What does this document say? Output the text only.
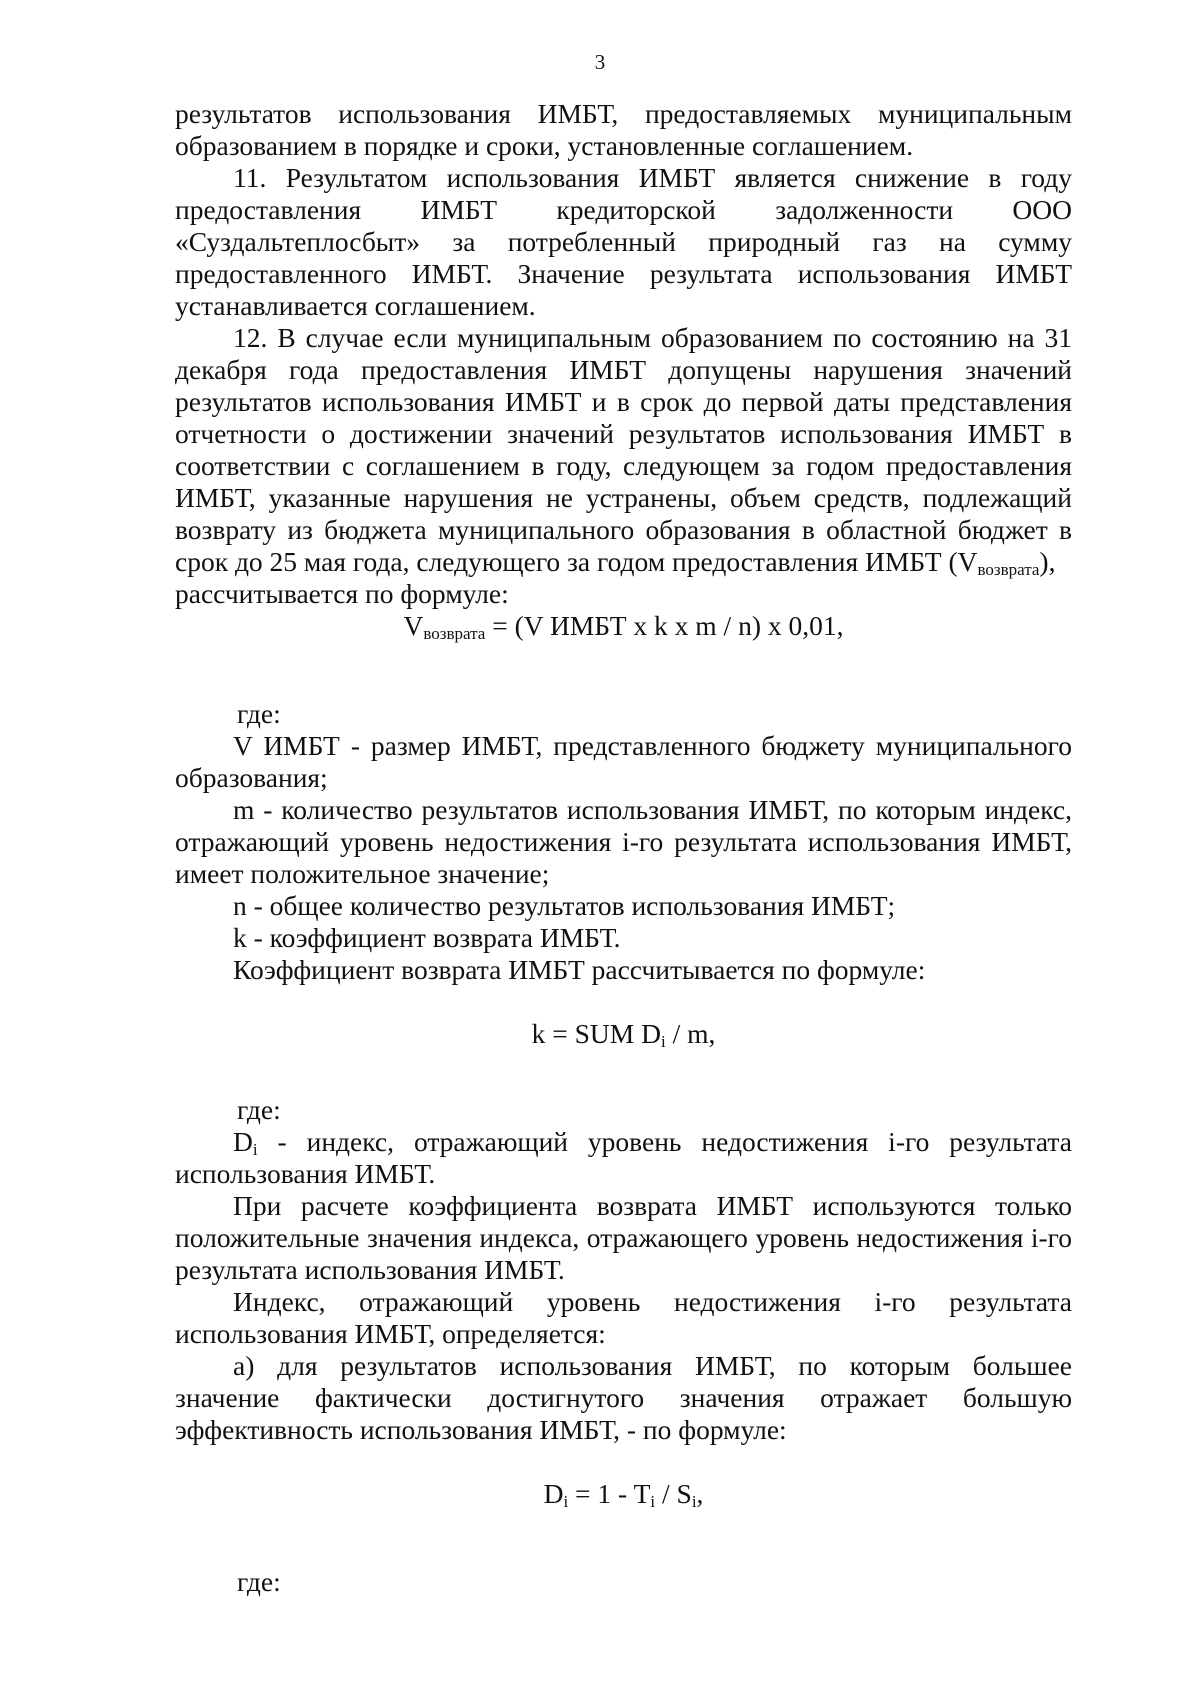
3

результатов использования ИМБТ, предоставляемых муниципальным образованием в порядке и сроки, установленные соглашением.

11. Результатом использования ИМБТ является снижение в году предоставления ИМБТ кредиторской задолженности ООО «Суздальтеплосбыт» за потребленный природный газ на сумму предоставленного ИМБТ. Значение результата использования ИМБТ устанавливается соглашением.

12. В случае если муниципальным образованием по состоянию на 31 декабря года предоставления ИМБТ допущены нарушения значений результатов использования ИМБТ и в срок до первой даты представления отчетности о достижении значений результатов использования ИМБТ в соответствии с соглашением в году, следующем за годом предоставления ИМБТ, указанные нарушения не устранены, объем средств, подлежащий возврату из бюджета муниципального образования в областной бюджет в срок до 25 мая года, следующего за годом предоставления ИМБТ $(V_{возврата})$,

рассчитывается по формуле:

$V_{возврата} = (V$ ИМБТ x k x m / n) x 0,01,

где:

V ИМБТ - размер ИМБТ, представленного бюджету муниципального образования;

m - количество результатов использования ИМБТ, по которым индекс, отражающий уровень недостижения i-го результата использования ИМБТ, имеет положительное значение;

n - общее количество результатов использования ИМБТ;

k - коэффициент возврата ИМБТ.

Коэффициент возврата ИМБТ рассчитывается по формуле:

k = SUM $D_i$ / m,

где:

$D_i$ - индекс, отражающий уровень недостижения i-го результата использования ИМБТ.

При расчете коэффициента возврата ИМБТ используются только положительные значения индекса, отражающего уровень недостижения i-го результата использования ИМБТ.

Индекс, отражающий уровень недостижения i-го результата использования ИМБТ, определяется:

а) для результатов использования ИМБТ, по которым большее значение фактически достигнутого значения отражает большую эффективность использования ИМБТ, - по формуле:

$D_i = 1 - T_i / S_i$,

где:
